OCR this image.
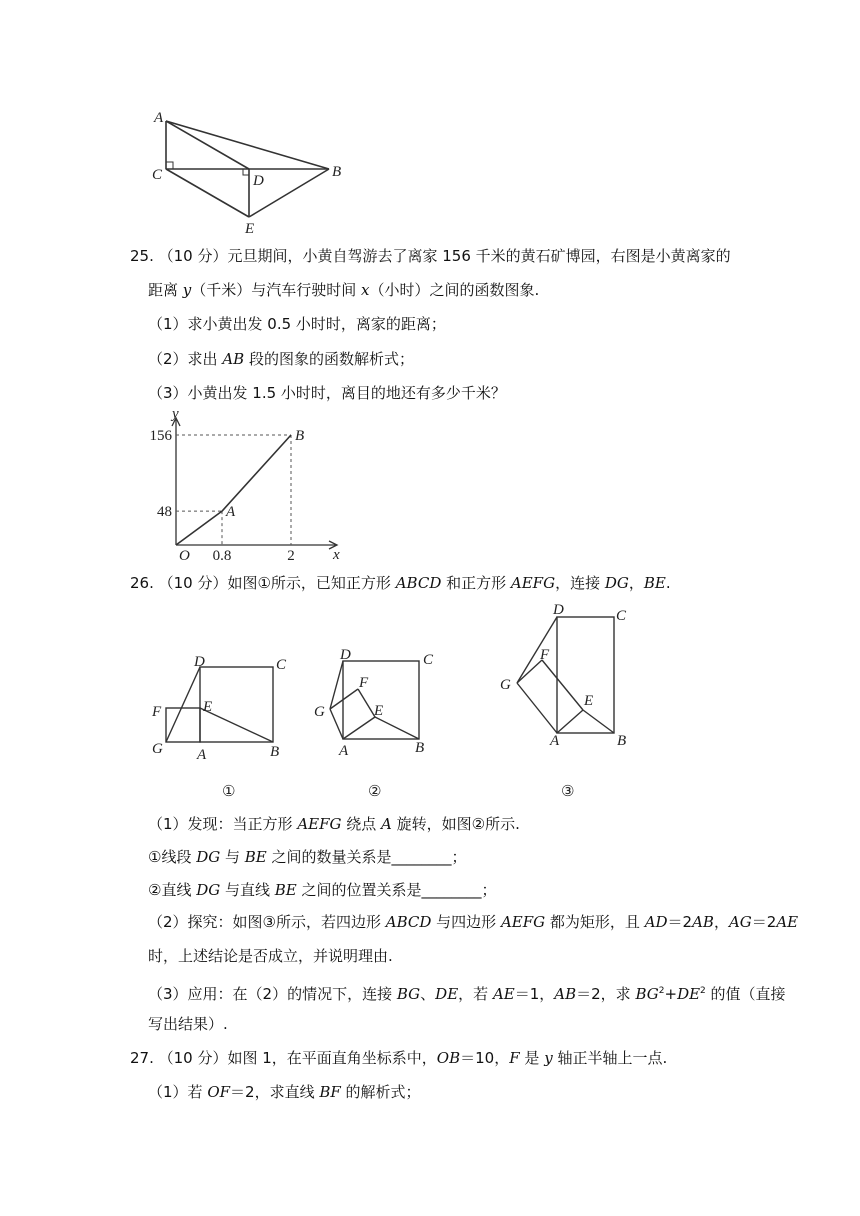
A
C	D
B
E
25. （10 分）元旦期间，小黄自驾游去了离家 156 千米的黄石矿博园，右图是小黄离家的
距离 y（千米）与汽车行驶时间 x（小时）之间的函数图象.
（1）求小黄出发 0.5 小时时，离家的距离；
（2）求出 AB 段的图象的函数解析式；
（3）小黄出发 1.5 小时时，离目的地还有多少千米？
O
A
B
0.8	2
48
156
x
y
26. （10 分）如图①所示，已知正方形 ABCD 和正方形 AEFG，连接 DG，BE.
D	C
F	E
G A	B
①
D	C
F
G	E
A	B
②
D	C
F
G
E
A	B
③
（1）发现：当正方形 AEFG 绕点 A 旋转，如图②所示.
①线段 DG 与 BE 之间的数量关系是________；
②直线 DG 与直线 BE 之间的位置关系是________；
（2）探究：如图③所示，若四边形 ABCD 与四边形 AEFG 都为矩形，且 AD＝2AB，AG＝2AE
时，上述结论是否成立，并说明理由.
（3）应用：在（2）的情况下，连接 BG、DE，若 AE＝1，AB＝2，求 $BG^2+DE^2$ 的值（直接
写出结果）.
27. （10 分）如图 1，在平面直角坐标系中，OB＝10，F 是 y 轴正半轴上一点.
（1）若 OF＝2，求直线 BF 的解析式；
